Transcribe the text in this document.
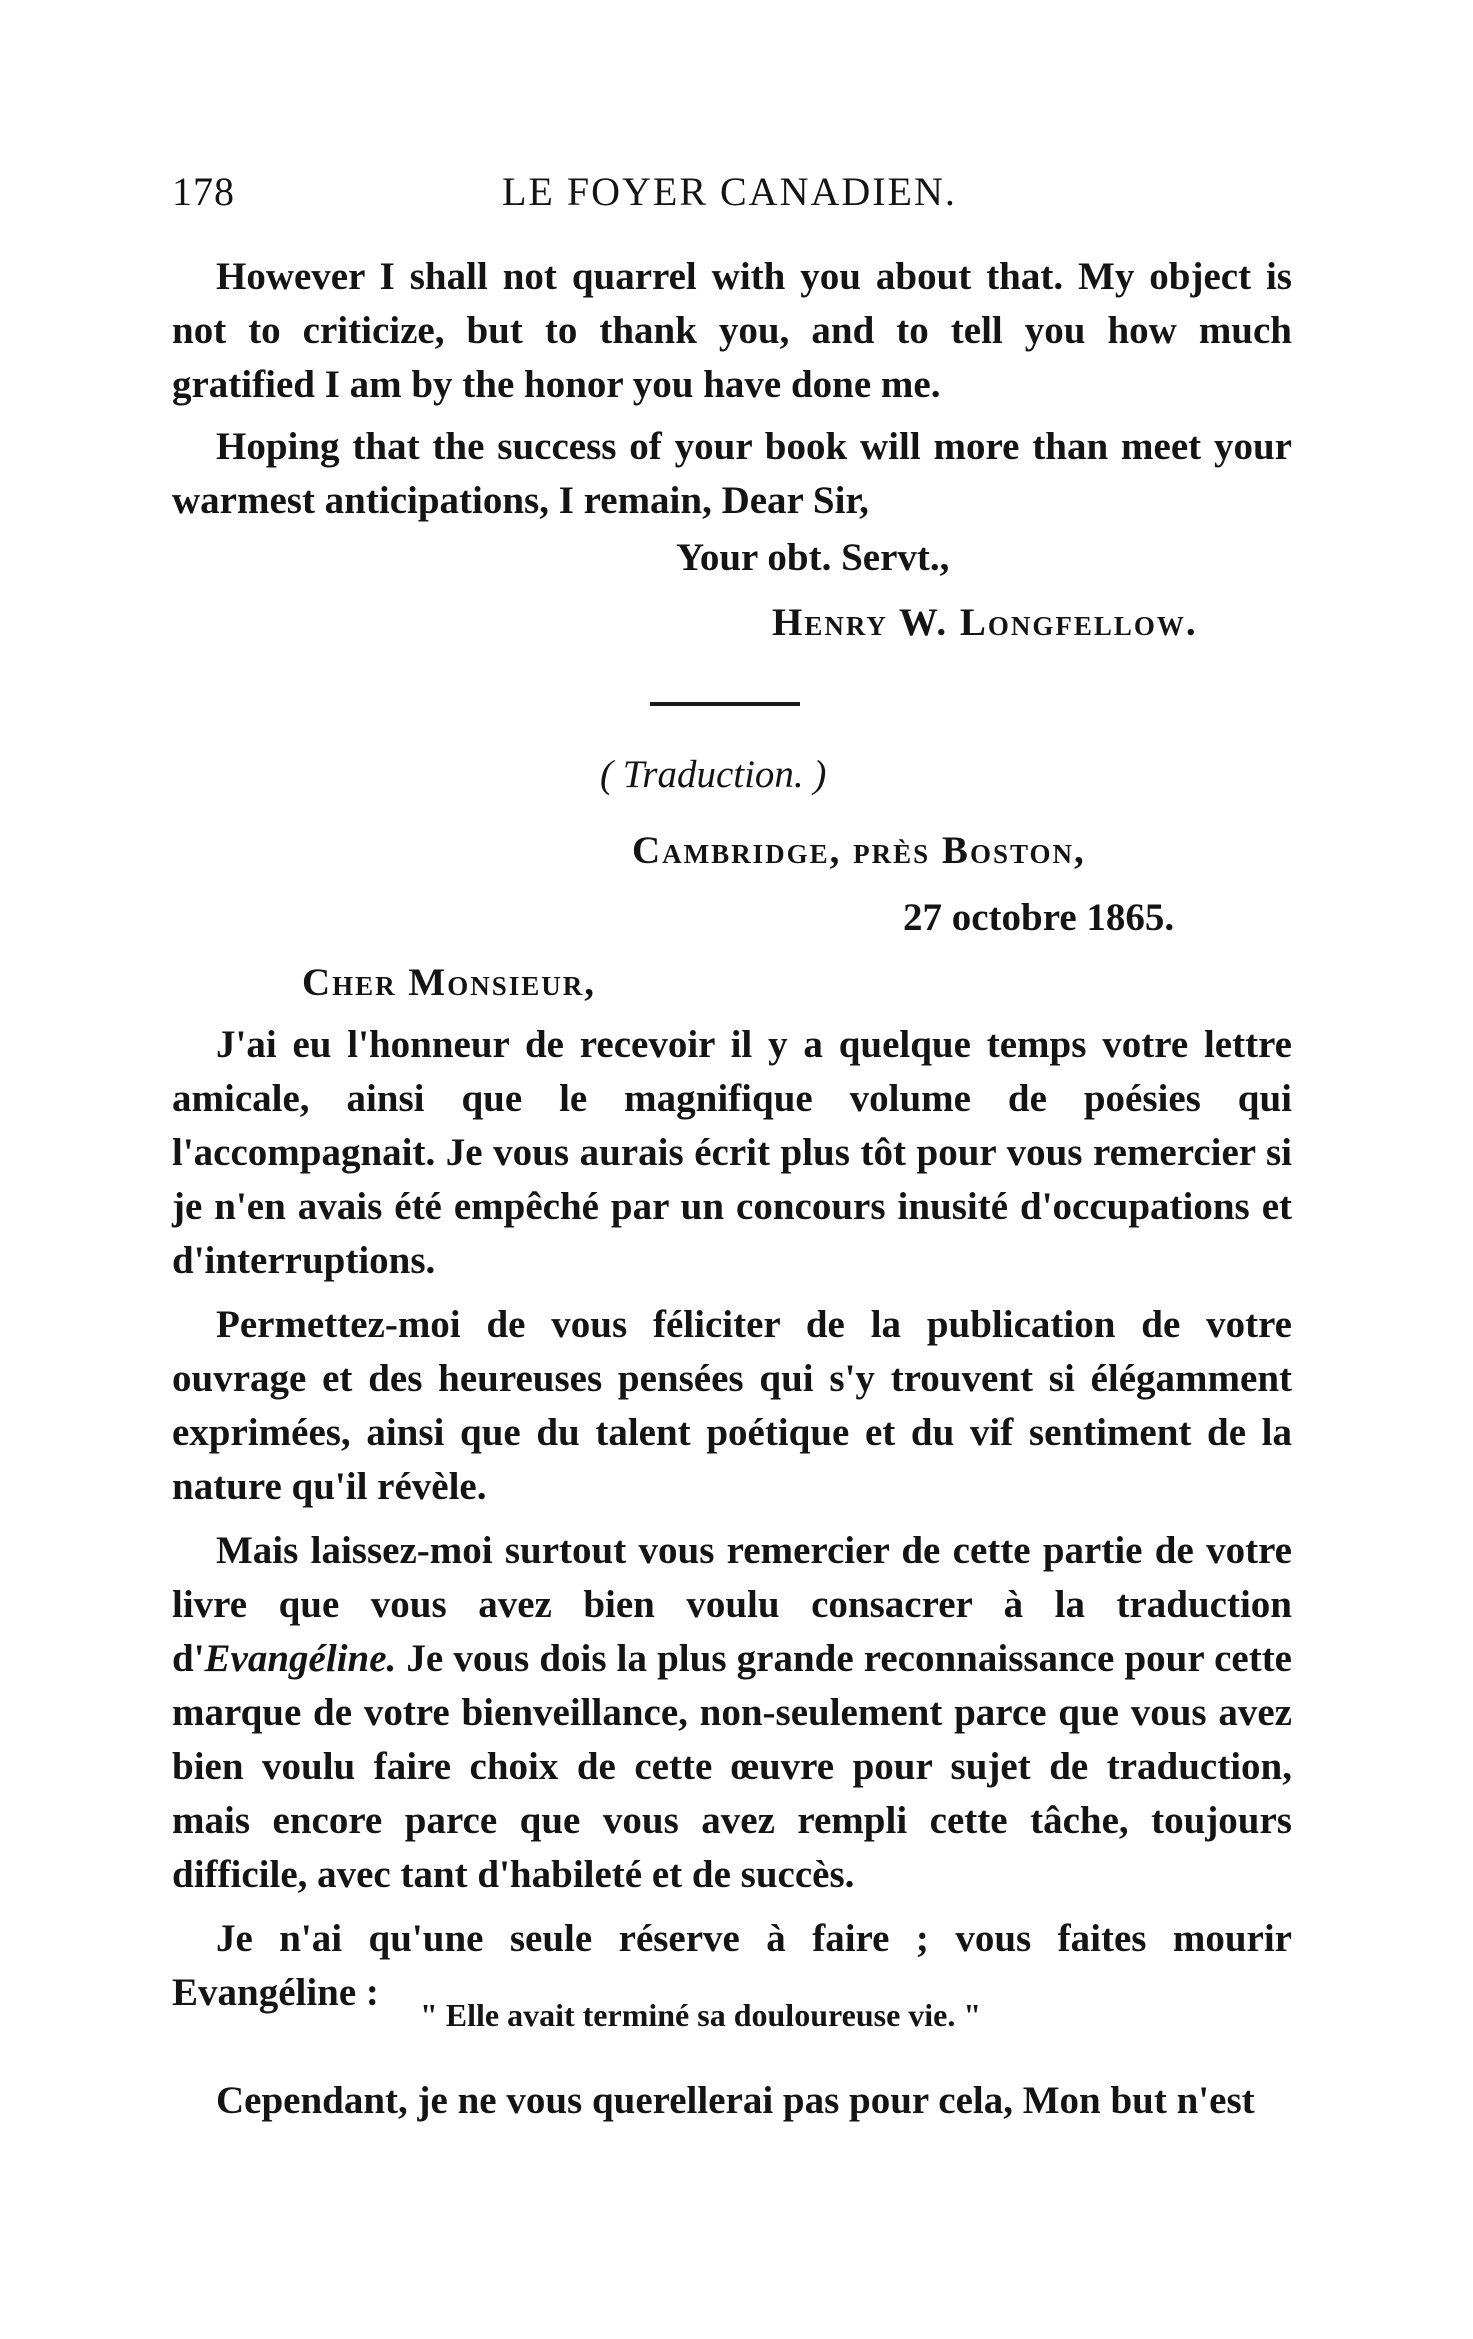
178	LE FOYER CANADIEN.

However I shall not quarrel with you about that. My object is not to criticize, but to thank you, and to tell you how much gratified I am by the honor you have done me.

Hoping that the success of your book will more than meet your warmest anticipations, I remain, Dear Sir,

Your obt. Servt.,
Henry W. Longfellow.
( Traduction. )
Cambridge, près Boston,
27 octobre 1865.
Cher Monsieur,

J'ai eu l'honneur de recevoir il y a quelque temps votre lettre amicale, ainsi que le magnifique volume de poésies qui l'accompagnait. Je vous aurais écrit plus tôt pour vous remercier si je n'en avais été empêché par un concours inusité d'occupations et d'interruptions.

Permettez-moi de vous féliciter de la publication de votre ouvrage et des heureuses pensées qui s'y trouvent si élégamment exprimées, ainsi que du talent poétique et du vif sentiment de la nature qu'il révèle.

Mais laissez-moi surtout vous remercier de cette partie de votre livre que vous avez bien voulu consacrer à la traduction d'Evangéline. Je vous dois la plus grande reconnaissance pour cette marque de votre bienveillance, non-seulement parce que vous avez bien voulu faire choix de cette œuvre pour sujet de traduction, mais encore parce que vous avez rempli cette tâche, toujours difficile, avec tant d'habileté et de succès.

Je n'ai qu'une seule réserve à faire ; vous faites mourir Evangéline :

" Elle avait terminé sa douloureuse vie. "

Cependant, je ne vous querellerai pas pour cela, Mon but n'est
